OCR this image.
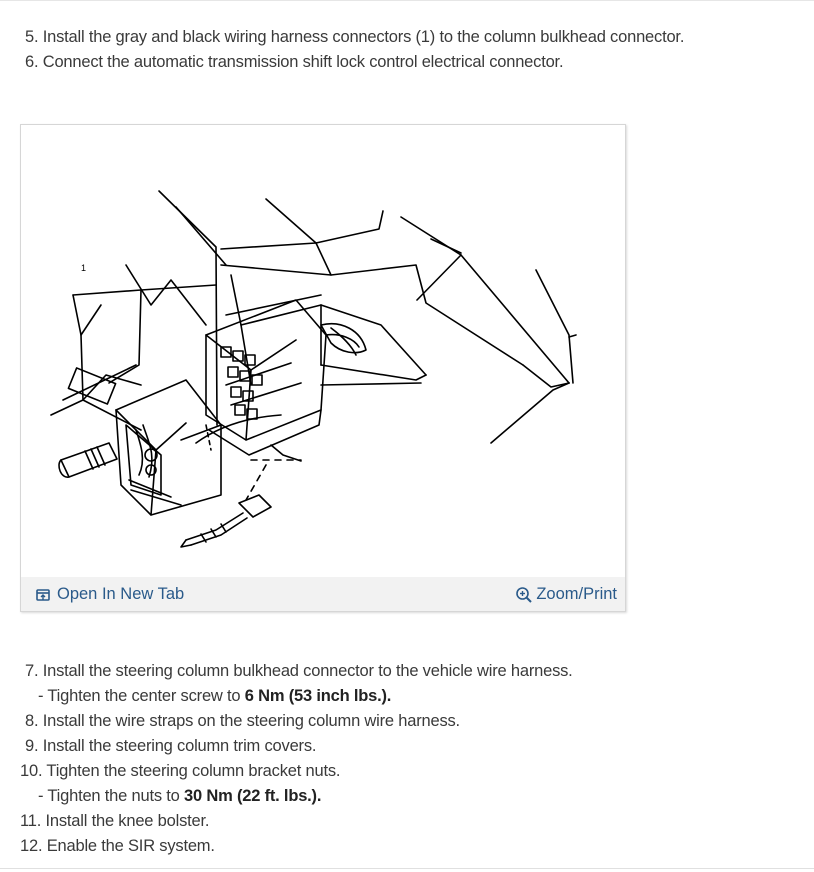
5. Install the gray and black wiring harness connectors (1) to the column bulkhead connector.
6. Connect the automatic transmission shift lock control electrical connector.
1
Open In New Tab	Zoom/Print
7. Install the steering column bulkhead connector to the vehicle wire harness.
- Tighten the center screw to 6 Nm (53 inch lbs.).
8. Install the wire straps on the steering column wire harness.
9. Install the steering column trim covers.
10. Tighten the steering column bracket nuts.
- Tighten the nuts to 30 Nm (22 ft. lbs.).
11. Install the knee bolster.
12. Enable the SIR system.
